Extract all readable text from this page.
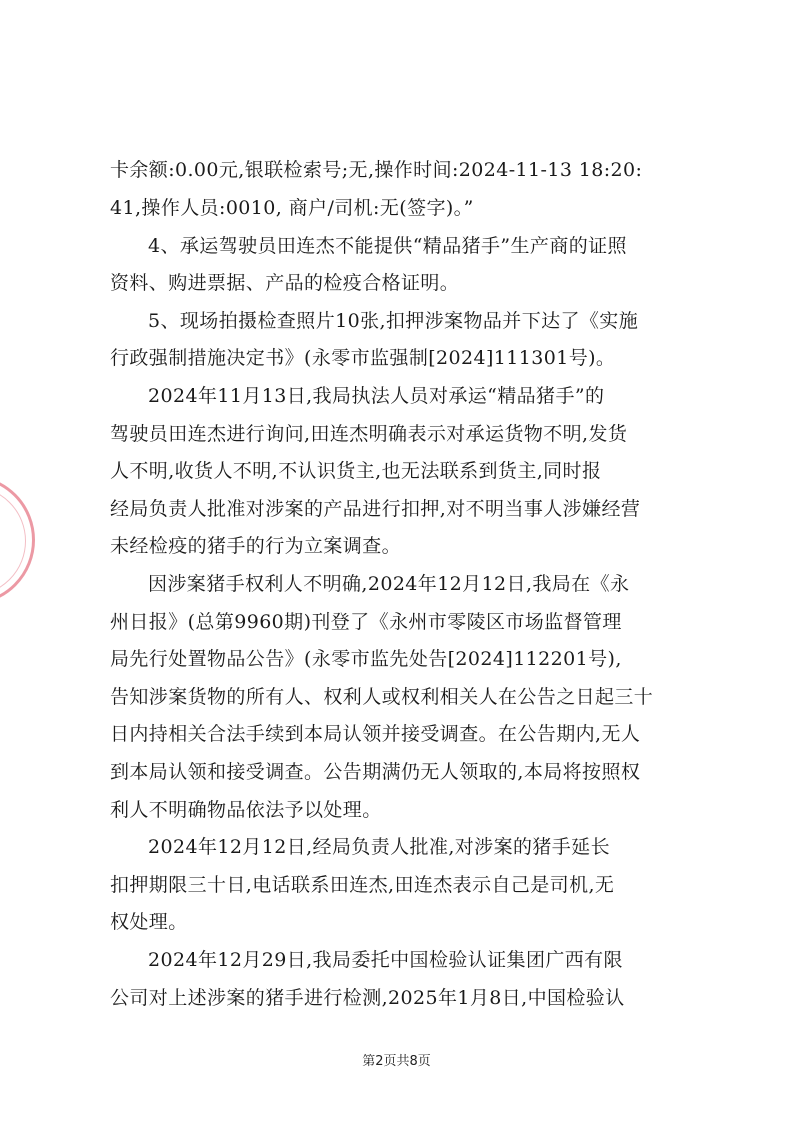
卡余额:0.00元,银联检索号;无,操作时间:2024-11-13 18:20:
41,操作人员:0010, 商户/司机:无(签字)。”
4、承运驾驶员田连杰不能提供“精品猪手”生产商的证照
资料、购进票据、产品的检疫合格证明。
5、现场拍摄检查照片10张,扣押涉案物品并下达了《实施
行政强制措施决定书》(永零市监强制[2024]111301号)。
2024年11月13日,我局执法人员对承运“精品猪手”的
驾驶员田连杰进行询问,田连杰明确表示对承运货物不明,发货
人不明,收货人不明,不认识货主,也无法联系到货主,同时报
经局负责人批准对涉案的产品进行扣押,对不明当事人涉嫌经营
未经检疫的猪手的行为立案调查。
因涉案猪手权利人不明确,2024年12月12日,我局在《永
州日报》(总第9960期)刊登了《永州市零陵区市场监督管理
局先行处置物品公告》(永零市监先处告[2024]112201号),
告知涉案货物的所有人、权利人或权利相关人在公告之日起三十
日内持相关合法手续到本局认领并接受调查。在公告期内,无人
到本局认领和接受调查。公告期满仍无人领取的,本局将按照权
利人不明确物品依法予以处理。
2024年12月12日,经局负责人批准,对涉案的猪手延长
扣押期限三十日,电话联系田连杰,田连杰表示自己是司机,无
权处理。
2024年12月29日,我局委托中国检验认证集团广西有限
公司对上述涉案的猪手进行检测,2025年1月8日,中国检验认
第2页共8页
